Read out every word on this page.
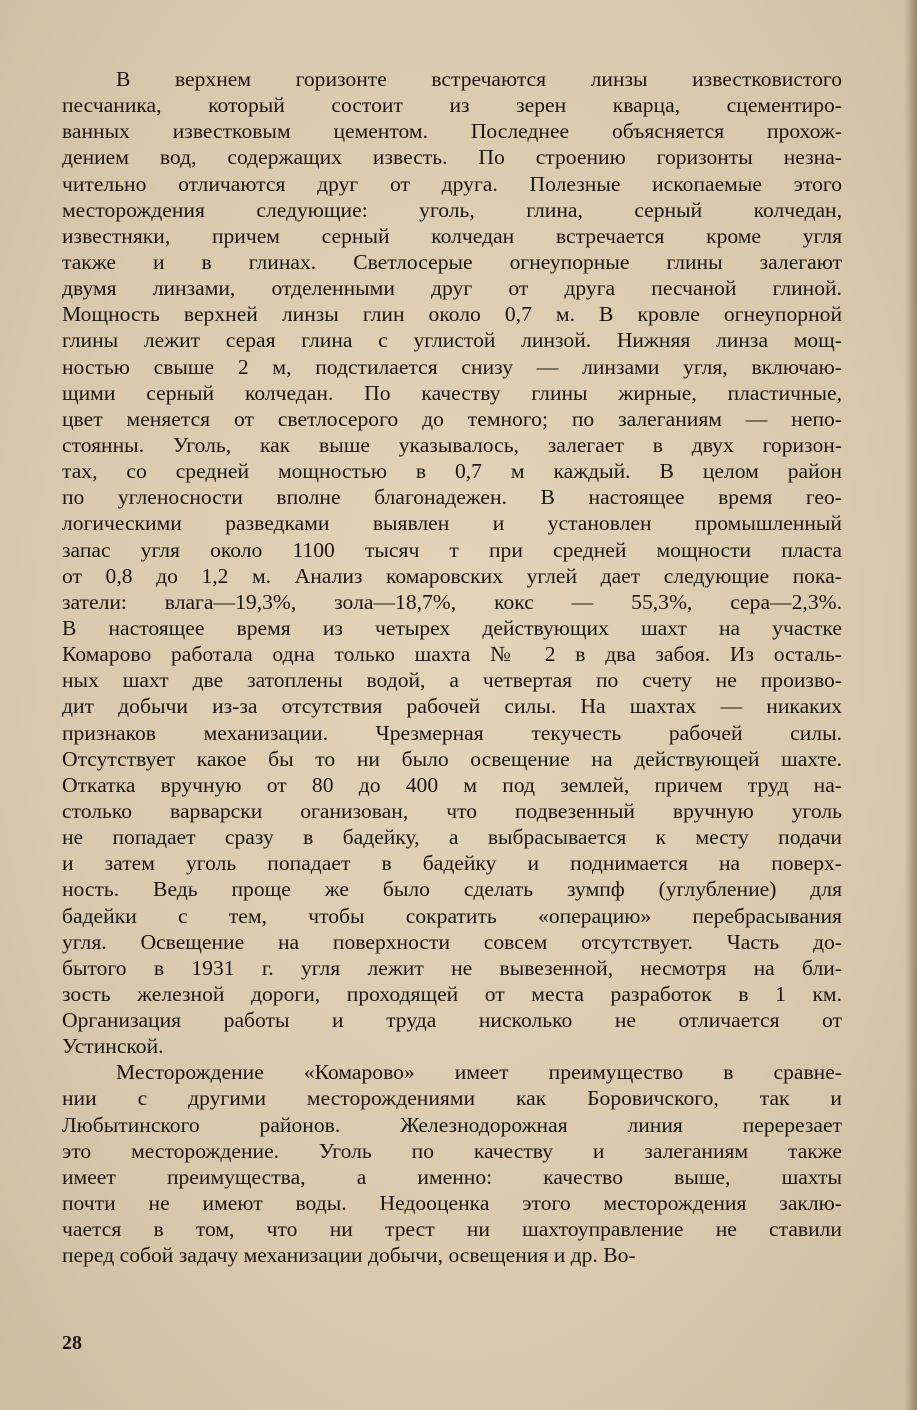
В верхнем горизонте встречаются линзы известковистого
песчаника, который состоит из зерен кварца, сцементиро-
ванных известковым цементом. Последнее объясняется прохож-
дением вод, содержащих известь. По строению горизонты незна-
чительно отличаются друг от друга. Полезные ископаемые этого
месторождения следующие: уголь, глина, серный колчедан,
известняки, причем серный колчедан встречается кроме угля
также и в глинах. Светлосерые огнеупорные глины залегают
двумя линзами, отделенными друг от друга песчаной глиной.
Мощность верхней линзы глин около 0,7 м. В кровле огнеупорной
глины лежит серая глина с углистой линзой. Нижняя линза мощ-
ностью свыше 2 м, подстилается снизу — линзами угля, включаю-
щими серный колчедан. По качеству глины жирные, пластичные,
цвет меняется от светлосерого до темного; по залеганиям — непо-
стоянны. Уголь, как выше указывалось, залегает в двух горизон-
тах, со средней мощностью в 0,7 м каждый. В целом район
по угленосности вполне благонадежен. В настоящее время гео-
логическими разведками выявлен и установлен промышленный
запас угля около 1100 тысяч т при средней мощности пласта
от 0,8 до 1,2 м. Анализ комаровских углей дает следующие пока-
затели: влага—19,3%, зола—18,7%, кокс — 55,3%, сера—2,3%.
В настоящее время из четырех действующих шахт на участке
Комарово работала одна только шахта № 2 в два забоя. Из осталь-
ных шахт две затоплены водой, а четвертая по счету не произво-
дит добычи из-за отсутствия рабочей силы. На шахтах — никаких
признаков механизации. Чрезмерная текучесть рабочей силы.
Отсутствует какое бы то ни было освещение на действующей шахте.
Откатка вручную от 80 до 400 м под землей, причем труд на-
столько варварски оганизован, что подвезенный вручную уголь
не попадает сразу в бадейку, а выбрасывается к месту подачи
и затем уголь попадает в бадейку и поднимается на поверх-
ность. Ведь проще же было сделать зумпф (углубление) для
бадейки с тем, чтобы сократить «операцию» перебрасывания
угля. Освещение на поверхности совсем отсутствует. Часть до-
бытого в 1931 г. угля лежит не вывезенной, несмотря на бли-
зость железной дороги, проходящей от места разработок в 1 км.
Организация работы и труда нисколько не отличается от
Устинской.
Месторождение «Комарово» имеет преимущество в сравне-
нии с другими месторождениями как Боровичского, так и
Любытинского районов. Железнодорожная линия перерезает
это месторождение. Уголь по качеству и залеганиям также
имеет преимущества, а именно: качество выше, шахты
почти не имеют воды. Недооценка этого месторождения заклю-
чается в том, что ни трест ни шахтоуправление не ставили
перед собой задачу механизации добычи, освещения и др. Во-
28
